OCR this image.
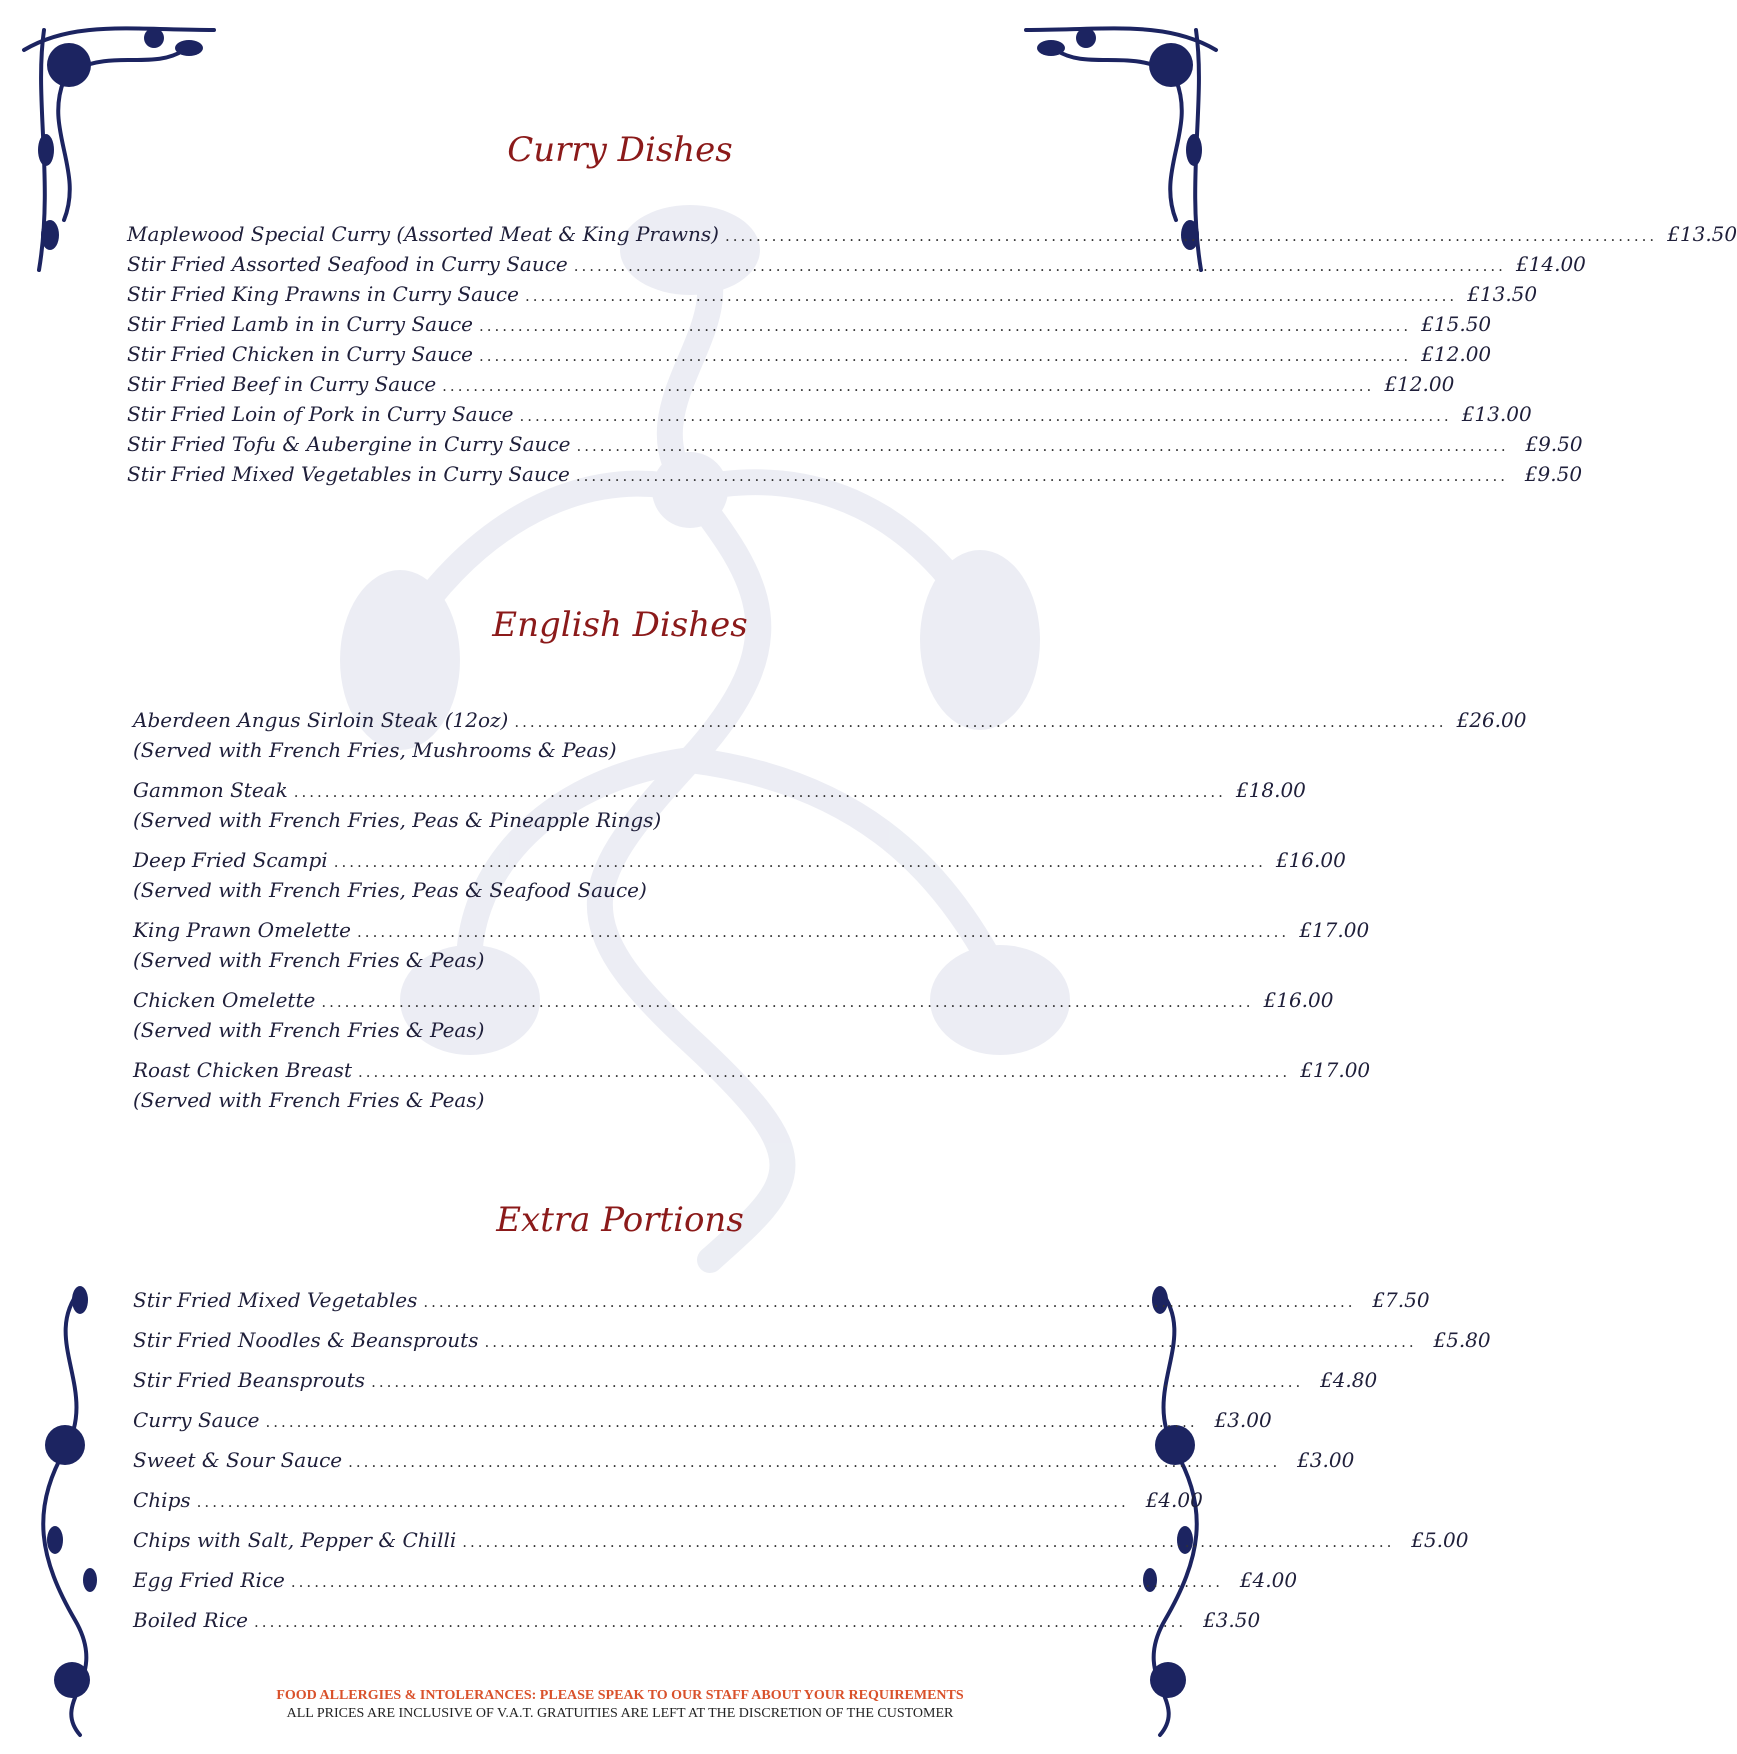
Curry Dishes
Maplewood Special Curry (Assorted Meat & King Prawns) ........................................................................................................................ £13.50
Stir Fried Assorted Seafood in Curry Sauce ........................................................................................................................ £14.00
Stir Fried King Prawns in Curry Sauce ........................................................................................................................ £13.50
Stir Fried Lamb in in Curry Sauce ........................................................................................................................ £15.50
Stir Fried Chicken in Curry Sauce ........................................................................................................................ £12.00
Stir Fried Beef in Curry Sauce ........................................................................................................................ £12.00
Stir Fried Loin of Pork in Curry Sauce ........................................................................................................................ £13.00
Stir Fried Tofu & Aubergine in Curry Sauce ........................................................................................................................ £9.50
Stir Fried Mixed Vegetables in Curry Sauce ........................................................................................................................ £9.50
English Dishes
Aberdeen Angus Sirloin Steak (12oz) ........................................................................................................................ £26.00
(Served with French Fries, Mushrooms & Peas)
Gammon Steak ........................................................................................................................ £18.00
(Served with French Fries, Peas & Pineapple Rings)
Deep Fried Scampi ........................................................................................................................ £16.00
(Served with French Fries, Peas & Seafood Sauce)
King Prawn Omelette ........................................................................................................................ £17.00
(Served with French Fries & Peas)
Chicken Omelette ........................................................................................................................ £16.00
(Served with French Fries & Peas)
Roast Chicken Breast ........................................................................................................................ £17.00
(Served with French Fries & Peas)
Extra Portions
Stir Fried Mixed Vegetables ........................................................................................................................ £7.50
Stir Fried Noodles & Beansprouts ........................................................................................................................ £5.80
Stir Fried Beansprouts ........................................................................................................................ £4.80
Curry Sauce ........................................................................................................................ £3.00
Sweet & Sour Sauce ........................................................................................................................ £3.00
Chips ........................................................................................................................ £4.00
Chips with Salt, Pepper & Chilli ........................................................................................................................ £5.00
Egg Fried Rice ........................................................................................................................ £4.00
Boiled Rice ........................................................................................................................ £3.50
FOOD ALLERGIES & INTOLERANCES: PLEASE SPEAK TO OUR STAFF ABOUT YOUR REQUIREMENTS
ALL PRICES ARE INCLUSIVE OF V.A.T. GRATUITIES ARE LEFT AT THE DISCRETION OF THE CUSTOMER
